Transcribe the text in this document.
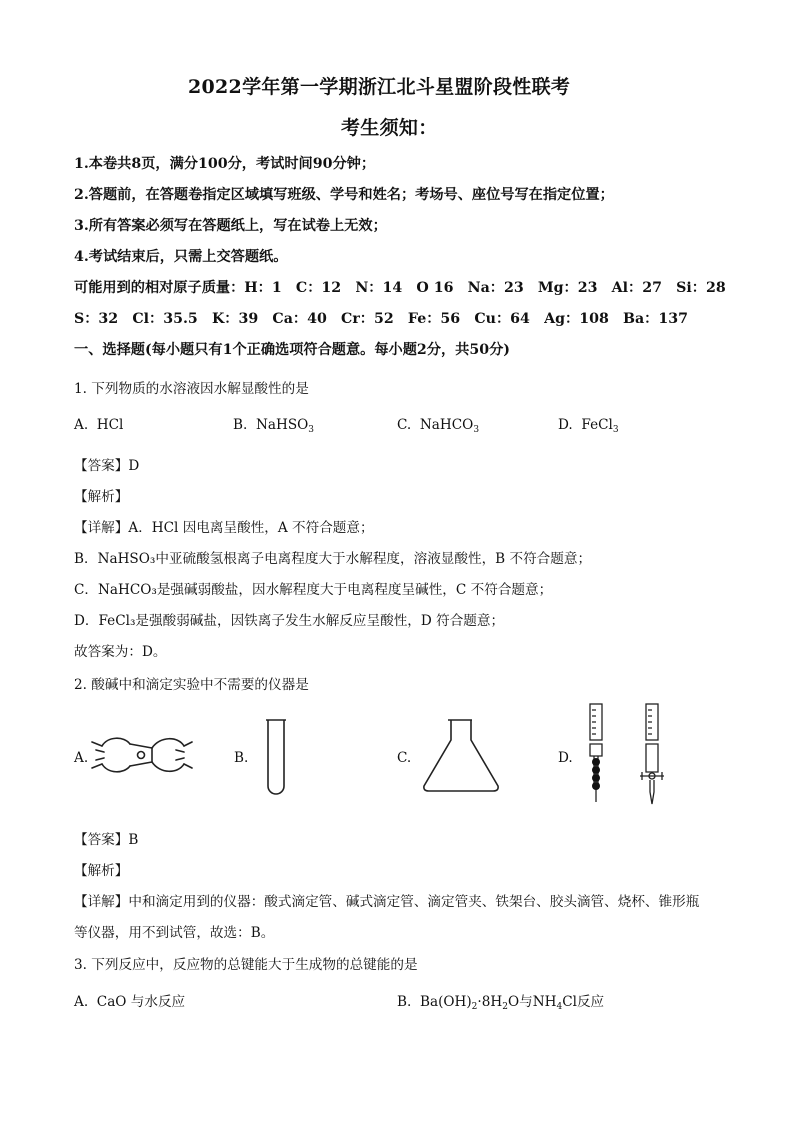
2022学年第一学期浙江北斗星盟阶段性联考
考生须知：
1.本卷共8页，满分100分，考试时间90分钟；
2.答题前，在答题卷指定区域填写班级、学号和姓名；考场号、座位号写在指定位置；
3.所有答案必须写在答题纸上，写在试卷上无效；
4.考试结束后，只需上交答题纸。
可能用到的相对原子质量：H：1　C：12　N：14　O 16　Na：23　Mg：23　Al：27　Si：28
S：32　Cl：35.5　K：39　Ca：40　Cr：52　Fe：56　Cu：64　Ag：108　Ba：137
一、选择题(每小题只有1个正确选项符合题意。每小题2分，共50分)
1. 下列物质的水溶液因水解显酸性的是
A. HCl	B. NaHSO$_3$	C. NaHCO$_3$	D. FeCl$_3$
【答案】D
【解析】
【详解】A．HCl 因电离呈酸性，A 不符合题意；
B．NaHSO₃中亚硫酸氢根离子电离程度大于水解程度，溶液显酸性，B 不符合题意；
C．NaHCO₃是强碱弱酸盐，因水解程度大于电离程度呈碱性，C 不符合题意；
D．FeCl₃是强酸弱碱盐，因铁离子发生水解反应呈酸性，D 符合题意；
故答案为：D。
2. 酸碱中和滴定实验中不需要的仪器是
A.	B.	C.	D.
【答案】B
【解析】
【详解】中和滴定用到的仪器：酸式滴定管、碱式滴定管、滴定管夹、铁架台、胶头滴管、烧杯、锥形瓶
等仪器，用不到试管，故选：B。
3. 下列反应中，反应物的总键能大于生成物的总键能的是
A. CaO 与水反应	B. $Ba(OH)_2\cdot 8H_2O$与$NH_4Cl$反应
